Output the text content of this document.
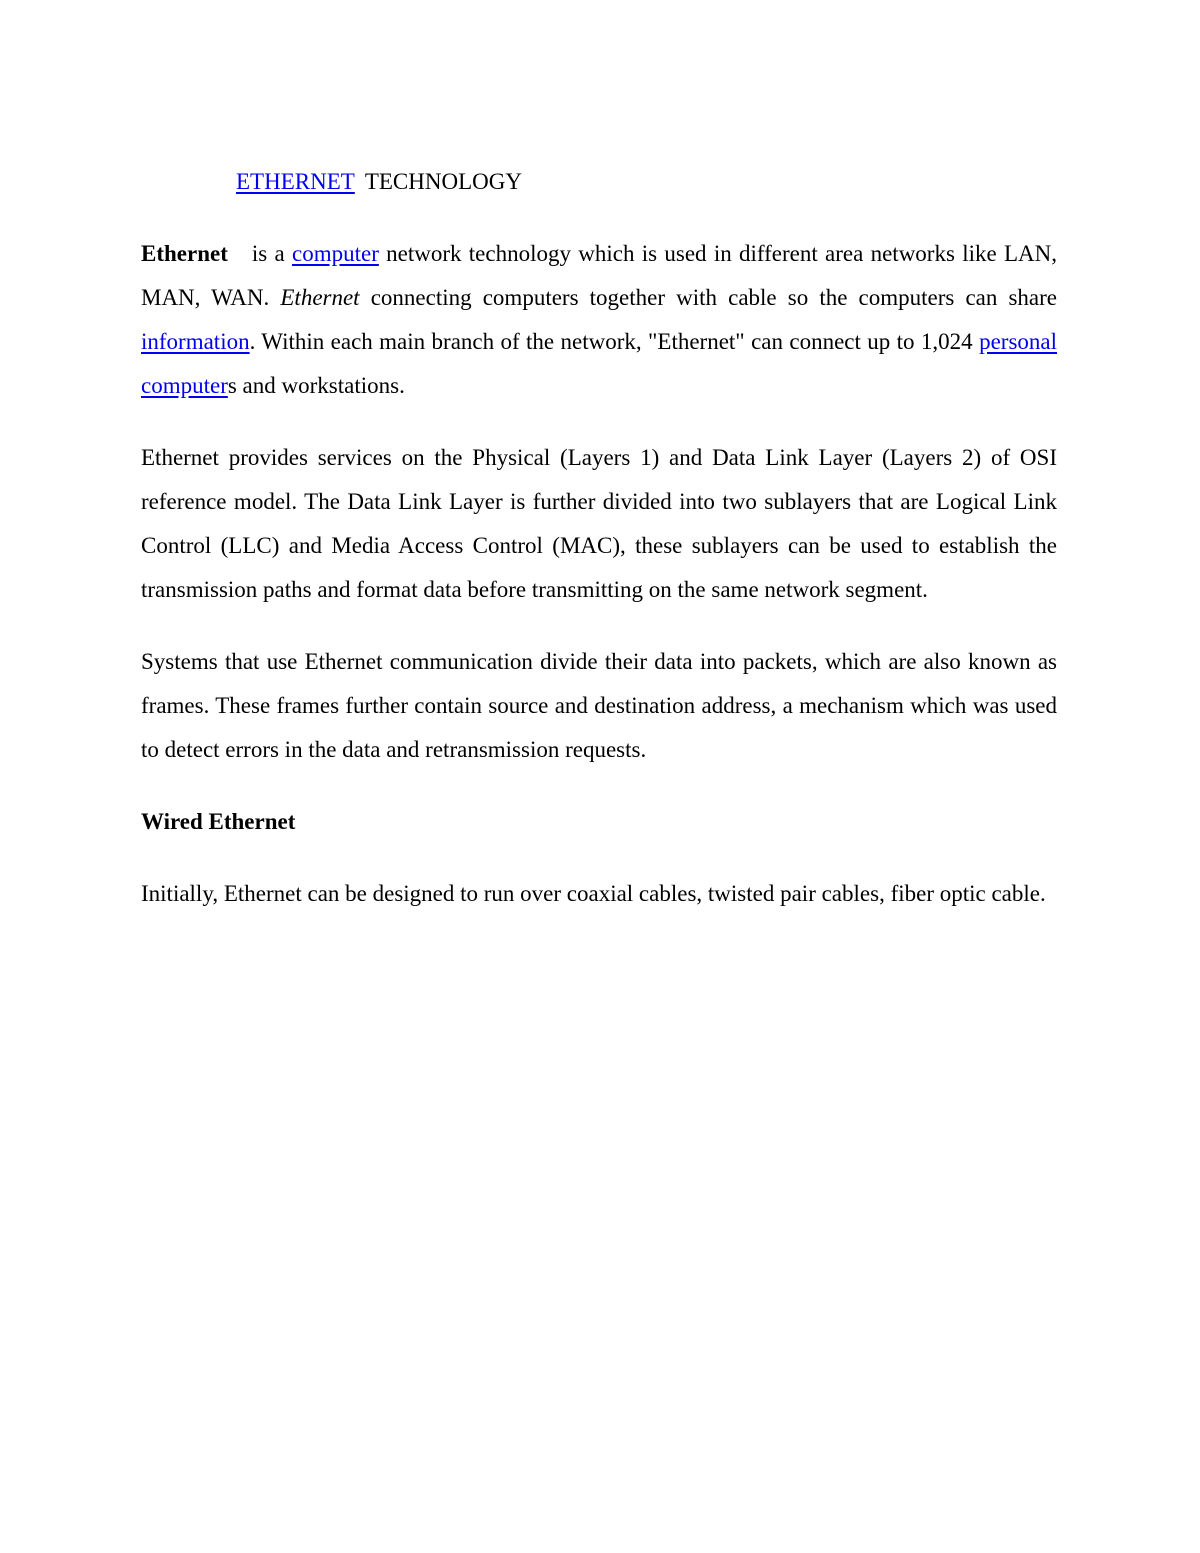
ETHERNET TECHNOLOGY

Ethernet is a computer network technology which is used in different area networks like LAN, MAN, WAN. Ethernet connecting computers together with cable so the computers can share information. Within each main branch of the network, "Ethernet" can connect up to 1,024 personal computers and workstations.

Ethernet provides services on the Physical (Layers 1) and Data Link Layer (Layers 2) of OSI reference model. The Data Link Layer is further divided into two sublayers that are Logical Link Control (LLC) and Media Access Control (MAC), these sublayers can be used to establish the transmission paths and format data before transmitting on the same network segment.

Systems that use Ethernet communication divide their data into packets, which are also known as frames. These frames further contain source and destination address, a mechanism which was used to detect errors in the data and retransmission requests.

Wired Ethernet

Initially, Ethernet can be designed to run over coaxial cables, twisted pair cables, fiber optic cable.
